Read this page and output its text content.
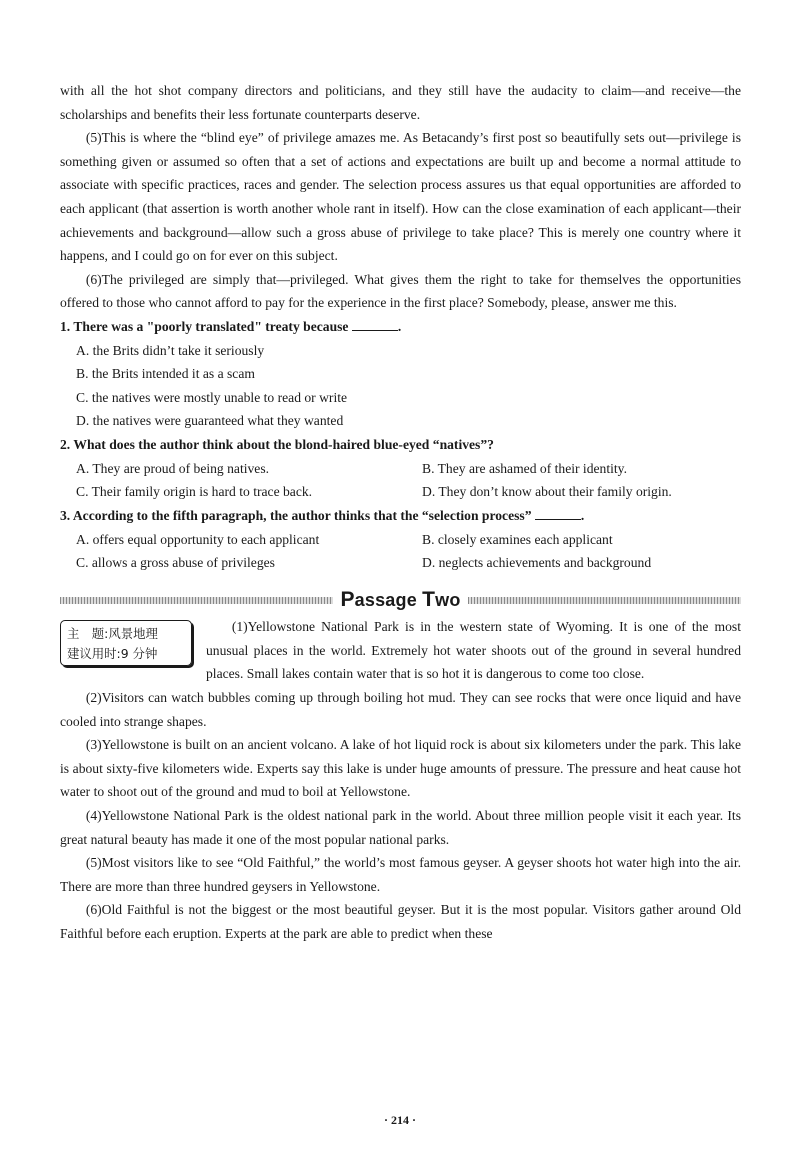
with all the hot shot company directors and politicians, and they still have the audacity to claim—and receive—the scholarships and benefits their less fortunate counterparts deserve.

(5)This is where the “blind eye” of privilege amazes me. As Betacandy’s first post so beautifully sets out—privilege is something given or assumed so often that a set of actions and expectations are built up and become a normal attitude to associate with specific practices, races and gender. The selection process assures us that equal opportunities are afforded to each applicant (that assertion is worth another whole rant in itself). How can the close examination of each applicant—their achievements and background—allow such a gross abuse of privilege to take place? This is merely one country where it happens, and I could go on for ever on this subject.

(6)The privileged are simply that—privileged. What gives them the right to take for themselves the opportunities offered to those who cannot afford to pay for the experience in the first place? Somebody, please, answer me this.

1. There was a "poorly translated" treaty because	.

A. the Brits didn’t take it seriously

B. the Brits intended it as a scam

C. the natives were mostly unable to read or write

D. the natives were guaranteed what they wanted

2. What does the author think about the blond-haired blue-eyed “natives”?

A. They are proud of being natives.	B. They are ashamed of their identity.
C. Their family origin is hard to trace back.	D. They don’t know about their family origin.

3. According to the fifth paragraph, the author thinks that the “selection process”	.

A. offers equal opportunity to each applicant	B. closely examines each applicant
C. allows a gross abuse of privileges	D. neglects achievements and background
Passage Two
主　题:风景地理
建议用时:9 分钟

(1)Yellowstone National Park is in the western state of Wyoming. It is one of the most unusual places in the world. Extremely hot water shoots out of the ground in several hundred places. Small lakes contain water that is so hot it is dangerous to come too close.

(2)Visitors can watch bubbles coming up through boiling hot mud. They can see rocks that were once liquid and have cooled into strange shapes.

(3)Yellowstone is built on an ancient volcano. A lake of hot liquid rock is about six kilometers under the park. This lake is about sixty-five kilometers wide. Experts say this lake is under huge amounts of pressure. The pressure and heat cause hot water to shoot out of the ground and mud to boil at Yellowstone.

(4)Yellowstone National Park is the oldest national park in the world. About three million people visit it each year. Its great natural beauty has made it one of the most popular national parks.

(5)Most visitors like to see “Old Faithful,” the world’s most famous geyser. A geyser shoots hot water high into the air. There are more than three hundred geysers in Yellowstone.

(6)Old Faithful is not the biggest or the most beautiful geyser. But it is the most popular. Visitors gather around Old Faithful before each eruption. Experts at the park are able to predict when these

· 214 ·
